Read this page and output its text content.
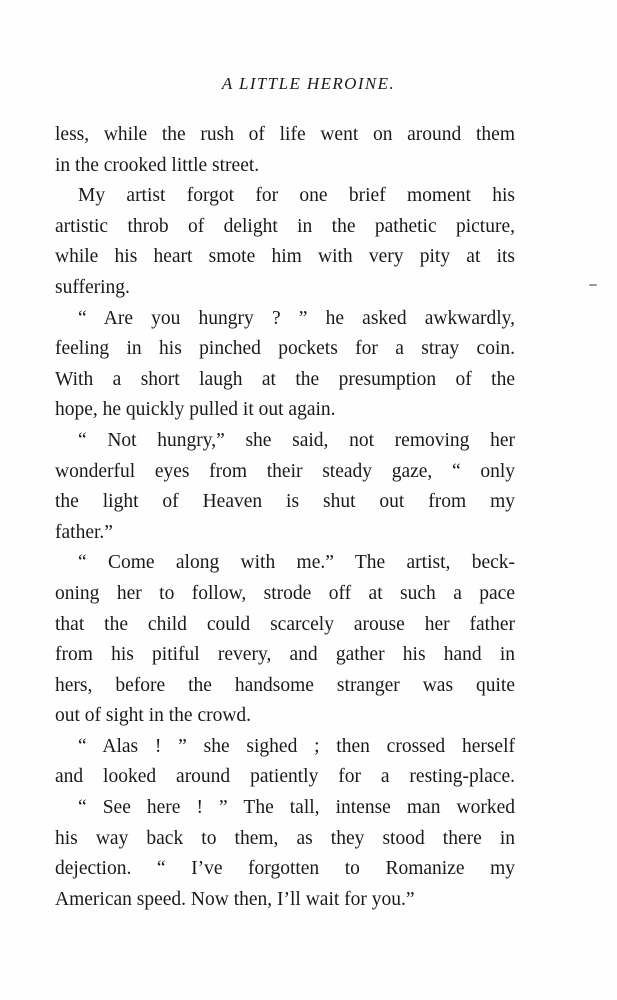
A LITTLE HEROINE.
less, while the rush of life went on around them
in the crooked little street.
My artist forgot for one brief moment his
artistic throb of delight in the pathetic picture,
while his heart smote him with very pity at its
suffering.
“ Are you hungry ? ” he asked awkwardly,
feeling in his pinched pockets for a stray coin.
With a short laugh at the presumption of the
hope, he quickly pulled it out again.
“ Not hungry,” she said, not removing her
wonderful eyes from their steady gaze, “ only
the light of Heaven is shut out from my
father.”
“ Come along with me.” The artist, beck-
oning her to follow, strode off at such a pace
that the child could scarcely arouse her father
from his pitiful revery, and gather his hand in
hers, before the handsome stranger was quite
out of sight in the crowd.
“ Alas ! ” she sighed ; then crossed herself
and looked around patiently for a resting-place.
“ See here ! ” The tall, intense man worked
his way back to them, as they stood there in
dejection. “ I’ve forgotten to Romanize my
American speed. Now then, I’ll wait for you.”
